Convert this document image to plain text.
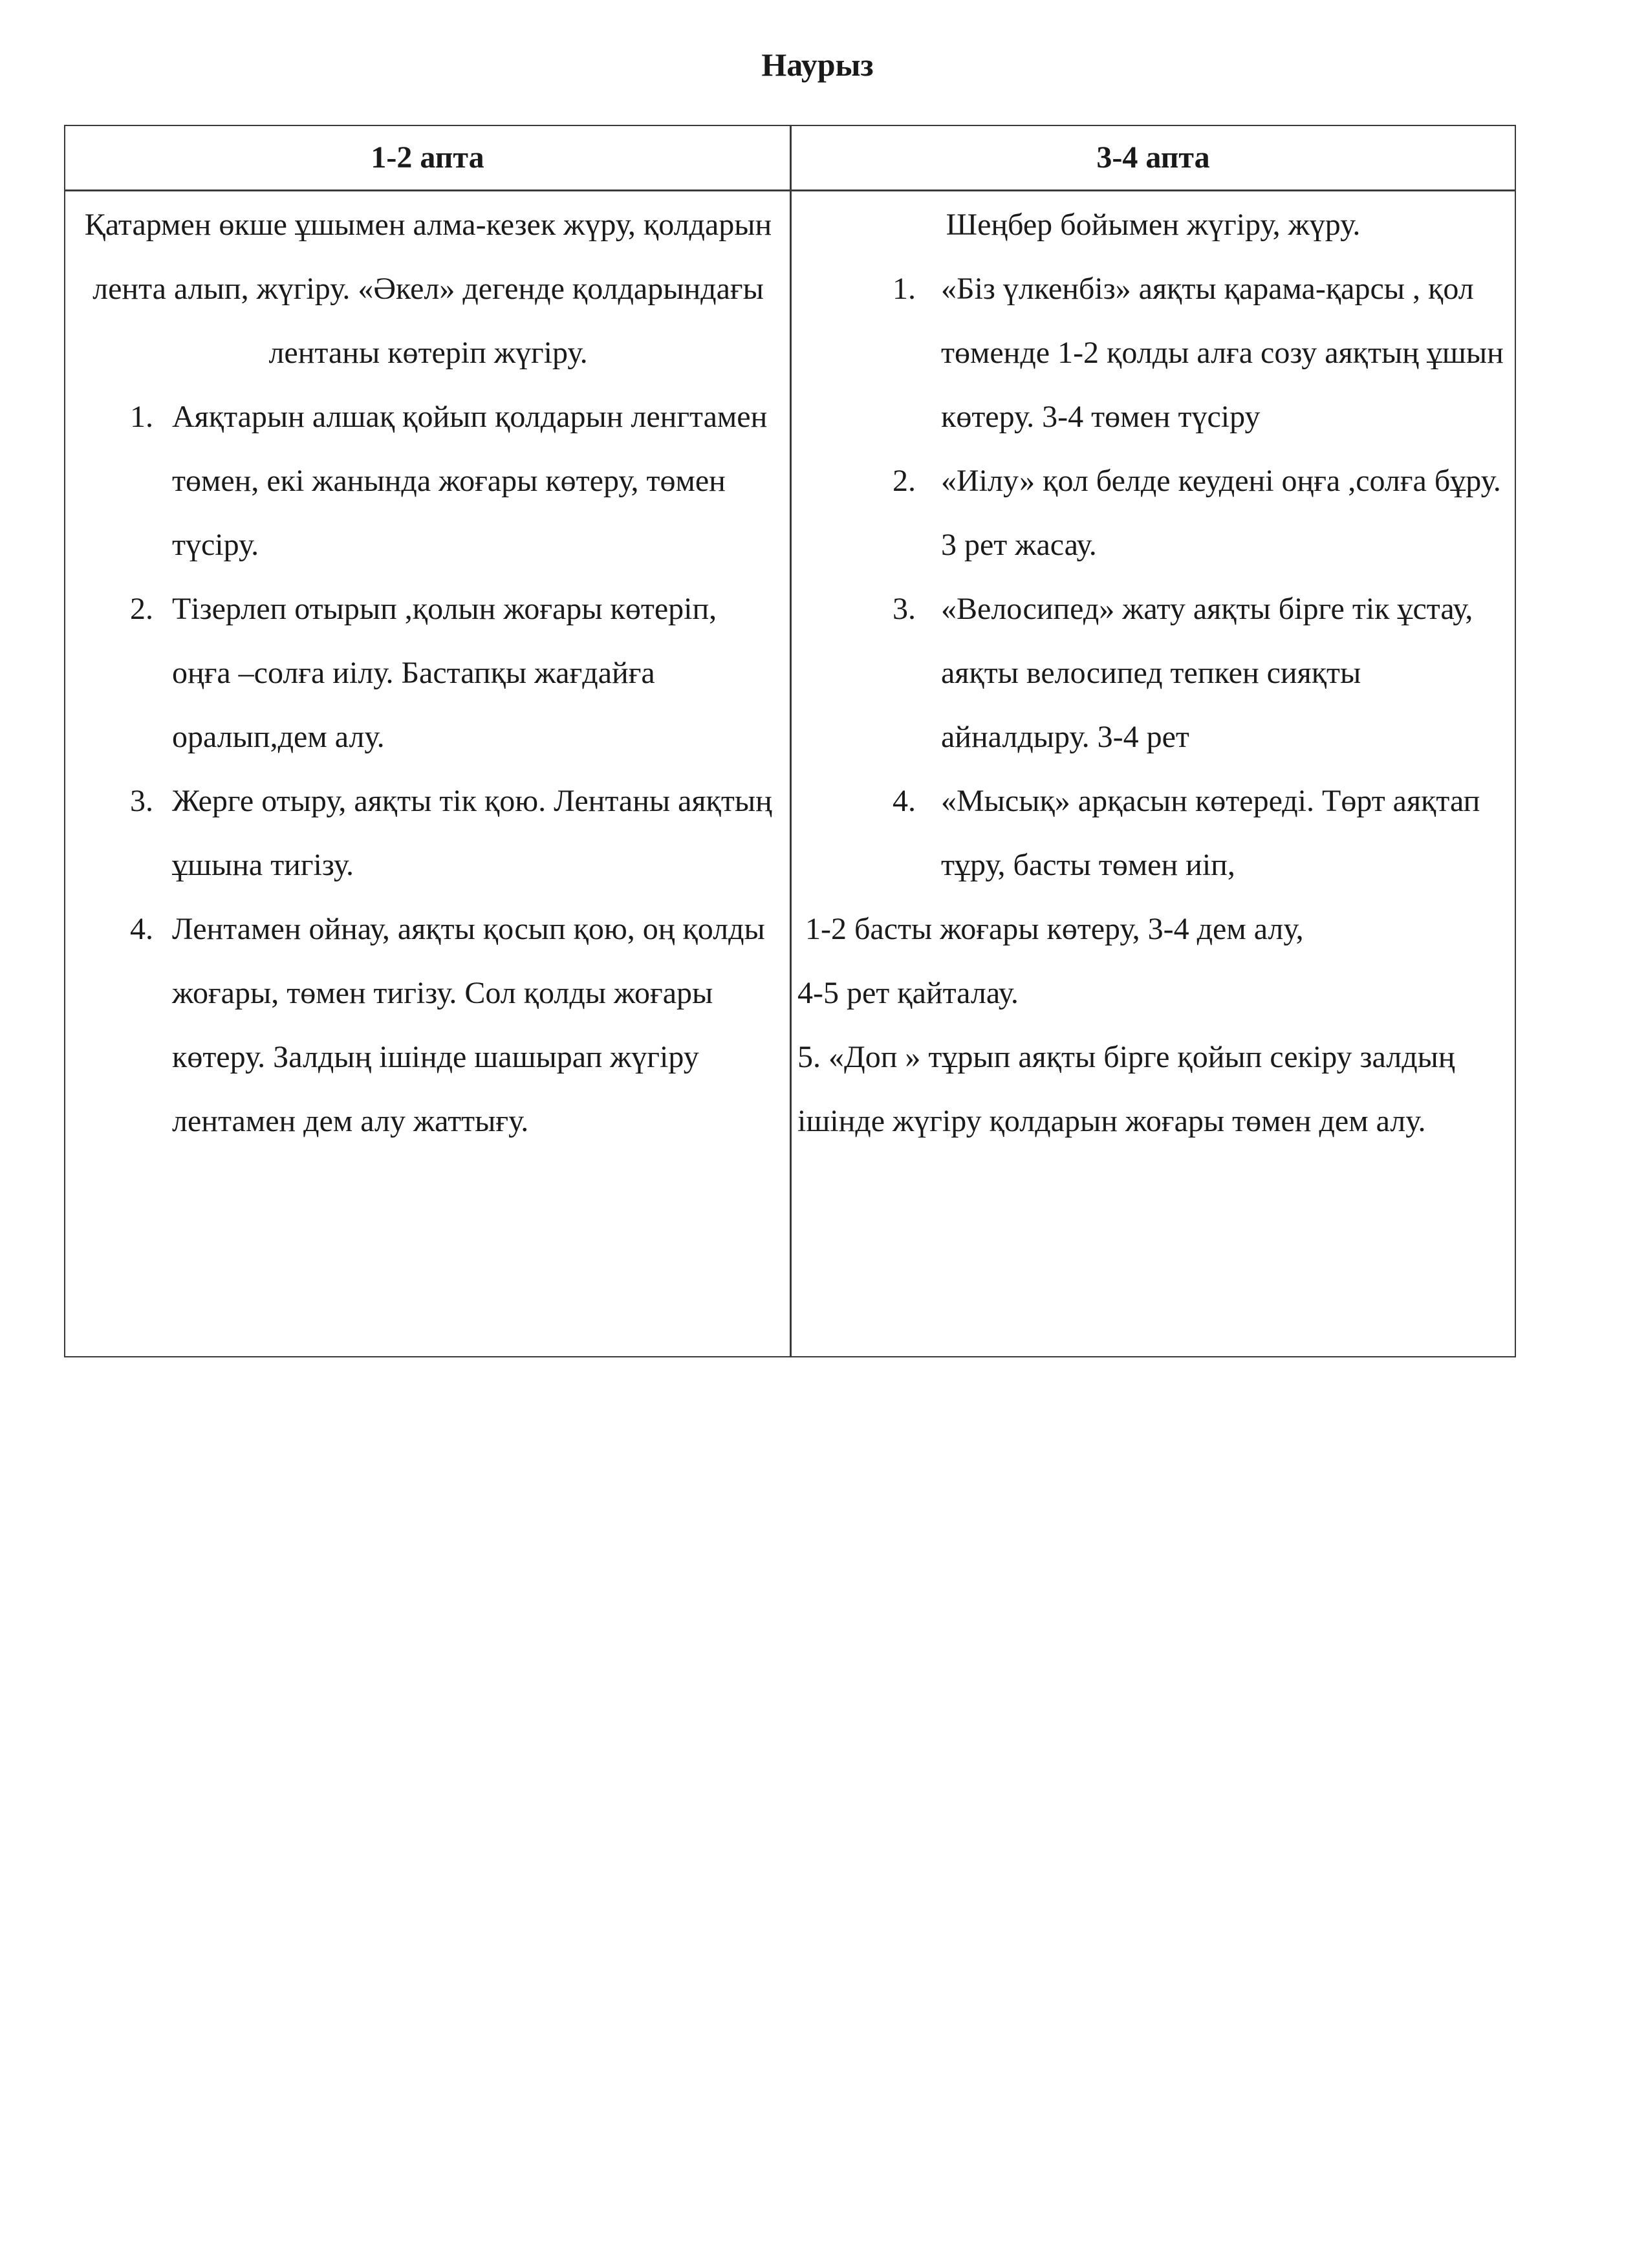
Наурыз
1-2 апта	3-4 апта

Қатармен өкше ұшымен алма-кезек жүру, қолдарын лента алып, жүгіру. «Әкел» дегенде қолдарындағы лентаны көтеріп жүгіру.

1. Аяқтарын алшақ қойып қолдарын ленгтамен төмен, екі жанында жоғары көтеру, төмен түсіру.
2. Тізерлеп отырып ,қолын жоғары көтеріп, оңға –солға иілу. Бастапқы жағдайға оралып,дем алу.
3. Жерге отыру, аяқты тік қою. Лентаны аяқтың ұшына тигізу.
4. Лентамен ойнау, аяқты қосып қою, оң қолды жоғары, төмен тигізу. Сол қолды жоғары көтеру. Залдың ішінде шашырап жүгіру лентамен дем алу жаттығу.

Шеңбер бойымен жүгіру, жүру.

1. «Біз үлкенбіз» аяқты қарама-қарсы , қол төменде 1-2 қолды алға созу аяқтың ұшын көтеру. 3-4 төмен түсіру
2. «Иілу» қол белде кеудені оңға ,солға бұру. 3 рет жасау.
3. «Велосипед» жату аяқты бірге тік ұстау, аяқты велосипед тепкен сияқты айналдыру. 3-4 рет
4. «Мысық» арқасын көтереді. Төрт аяқтап тұру, басты төмен иіп,

1-2 басты жоғары көтеру, 3-4 дем алу,

4-5 рет қайталау.

5. «Доп » тұрып аяқты бірге қойып секіру залдың ішінде жүгіру қолдарын жоғары төмен дем алу.
